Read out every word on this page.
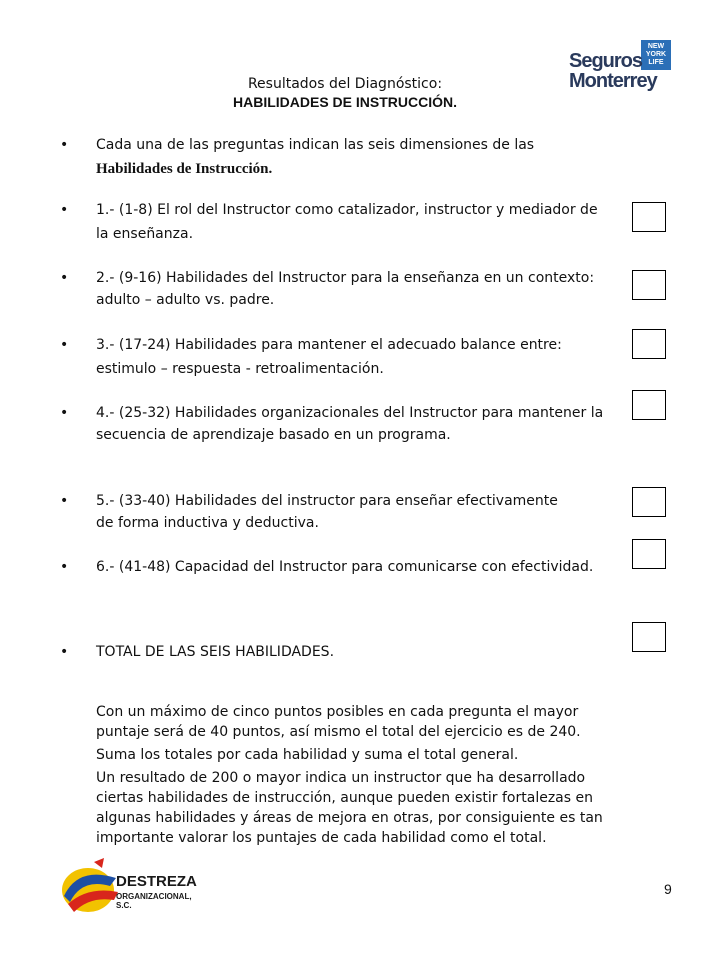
NEW
YORK
LIFE
Seguros
Monterrey
Resultados del Diagnóstico:
HABILIDADES DE INSTRUCCIÓN.
• Cada una de las preguntas indican las seis dimensiones de las
Habilidades de Instrucción.
• 1.- (1-8) El rol del Instructor como catalizador, instructor y mediador de
la enseñanza.
• 2.- (9-16) Habilidades del Instructor para la enseñanza en un contexto:
adulto – adulto vs. padre.
• 3.- (17-24) Habilidades para mantener el adecuado balance entre:
estimulo – respuesta - retroalimentación.
• 4.- (25-32) Habilidades organizacionales del Instructor para mantener la
secuencia de aprendizaje basado en un programa.
• 5.- (33-40) Habilidades del instructor para enseñar efectivamente
de forma inductiva y deductiva.
• 6.- (41-48) Capacidad del Instructor para comunicarse con efectividad.
• TOTAL DE LAS SEIS HABILIDADES.
Con un máximo de cinco puntos posibles en cada pregunta el mayor
puntaje será de 40 puntos, así mismo el total del ejercicio es de 240.
Suma los totales por cada habilidad y suma el total general.
Un resultado de 200 o mayor indica un instructor que ha desarrollado
ciertas habilidades de instrucción, aunque pueden existir fortalezas en
algunas habilidades y áreas de mejora en otras, por consiguiente es tan
importante valorar los puntajes de cada habilidad como el total.
DESTREZA
ORGANIZACIONAL, S.C.
9
